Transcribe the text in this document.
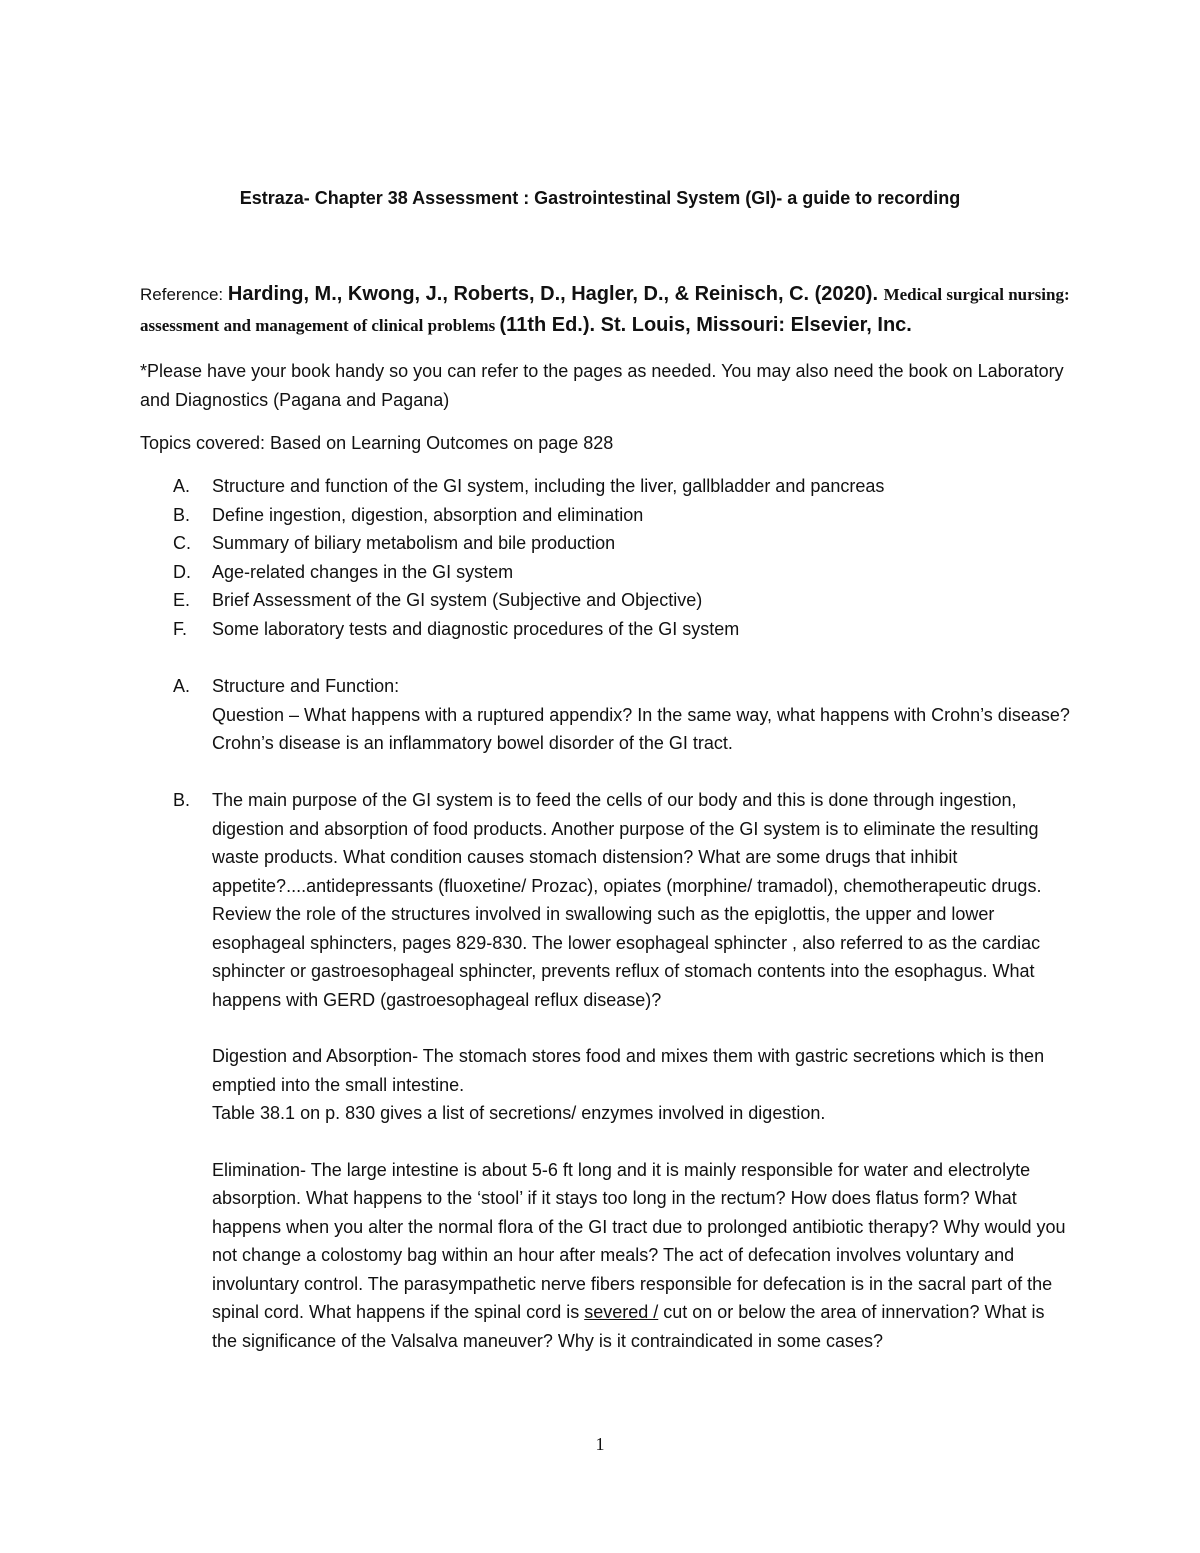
Estraza- Chapter 38 Assessment : Gastrointestinal System (GI)- a guide to recording
Reference: Harding, M., Kwong, J., Roberts, D., Hagler, D., & Reinisch, C. (2020). Medical surgical nursing: assessment and management of clinical problems (11th Ed.). St. Louis, Missouri: Elsevier, Inc.
*Please have your book handy so you can refer to the pages as needed. You may also need the book on Laboratory and Diagnostics (Pagana and Pagana)
Topics covered: Based on Learning Outcomes on page 828
A. Structure and function of the GI system, including the liver, gallbladder and pancreas
B. Define ingestion, digestion, absorption and elimination
C. Summary of biliary metabolism and bile production
D. Age-related changes in the GI system
E. Brief Assessment of the GI system (Subjective and Objective)
F. Some laboratory tests and diagnostic procedures of the GI system
A. Structure and Function:
Question – What happens with a ruptured appendix? In the same way, what happens with Crohn’s disease? Crohn’s disease is an inflammatory bowel disorder of the GI tract.
B. The main purpose of the GI system is to feed the cells of our body and this is done through ingestion, digestion and absorption of food products. Another purpose of the GI system is to eliminate the resulting waste products. What condition causes stomach distension? What are some drugs that inhibit appetite?....antidepressants (fluoxetine/ Prozac), opiates (morphine/ tramadol), chemotherapeutic drugs.
Review the role of the structures involved in swallowing such as the epiglottis, the upper and lower esophageal sphincters, pages 829-830. The lower esophageal sphincter , also referred to as the cardiac sphincter or gastroesophageal sphincter, prevents reflux of stomach contents into the esophagus. What happens with GERD (gastroesophageal reflux disease)?
Digestion and Absorption- The stomach stores food and mixes them with gastric secretions which is then emptied into the small intestine.
Table 38.1 on p. 830 gives a list of secretions/ enzymes involved in digestion.
Elimination- The large intestine is about 5-6 ft long and it is mainly responsible for water and electrolyte absorption. What happens to the ‘stool’ if it stays too long in the rectum? How does flatus form? What happens when you alter the normal flora of the GI tract due to prolonged antibiotic therapy? Why would you not change a colostomy bag within an hour after meals? The act of defecation involves voluntary and involuntary control. The parasympathetic nerve fibers responsible for defecation is in the sacral part of the spinal cord. What happens if the spinal cord is severed / cut on or below the area of innervation? What is the significance of the Valsalva maneuver? Why is it contraindicated in some cases?
1
